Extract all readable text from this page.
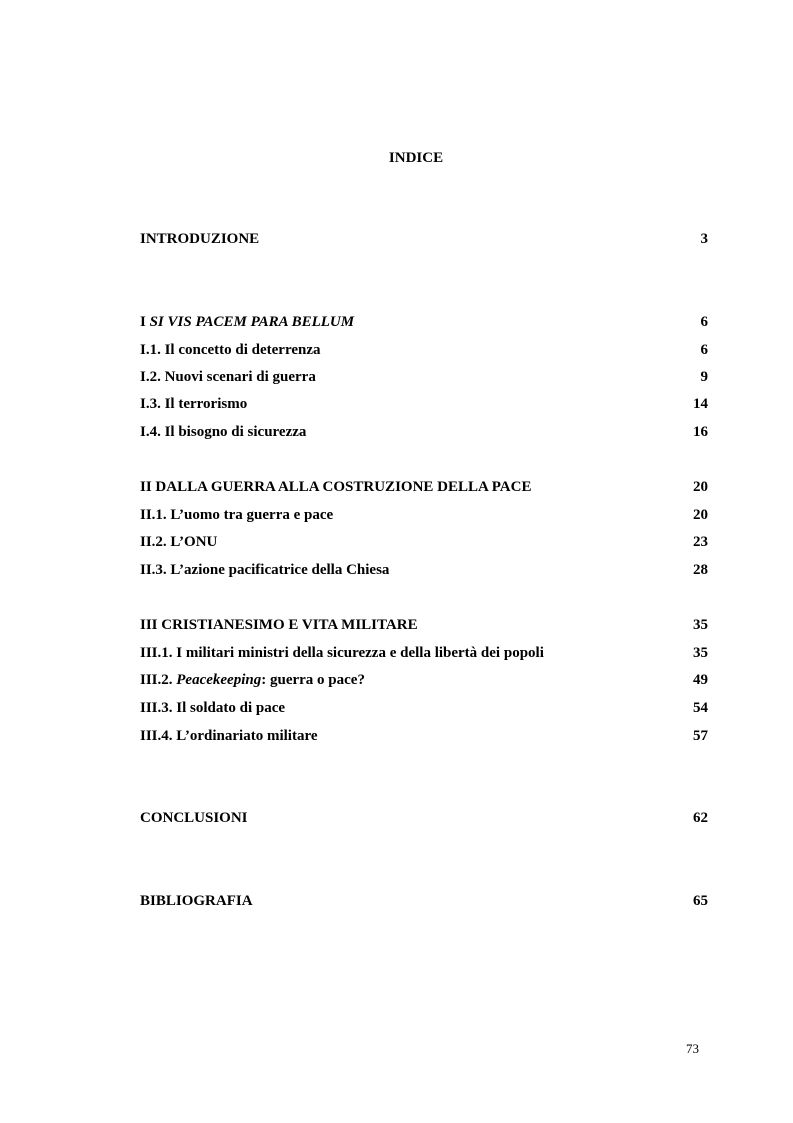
INDICE
INTRODUZIONE	3
I SI VIS PACEM PARA BELLUM	6
I.1. Il concetto di deterrenza	6
I.2. Nuovi scenari di guerra	9
I.3. Il terrorismo	14
I.4. Il bisogno di sicurezza	16
II DALLA GUERRA ALLA COSTRUZIONE DELLA PACE	20
II.1. L’uomo tra guerra e pace	20
II.2. L’ONU	23
II.3. L’azione pacificatrice della Chiesa	28
III CRISTIANESIMO E VITA MILITARE	35
III.1. I militari ministri della sicurezza e della libertà dei popoli	35
III.2. Peacekeeping: guerra o pace?	49
III.3. Il soldato di pace	54
III.4. L’ordinariato militare	57
CONCLUSIONI	62
BIBLIOGRAFIA	65
73
